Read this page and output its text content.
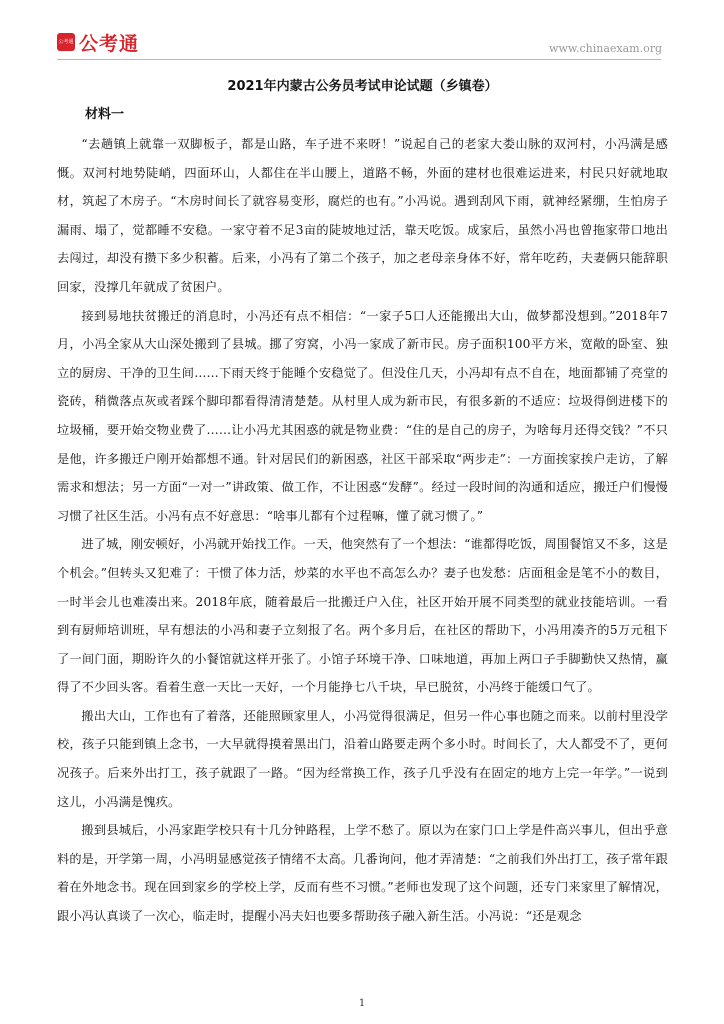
公考通 公考通	www.chinaexam.org
2021年内蒙古公务员考试申论试题（乡镇卷）
材料一

“去趟镇上就靠一双脚板子，都是山路，车子进不来呀！”说起自己的老家大娄山脉的双河村，小冯满是感慨。双河村地势陡峭，四面环山，人都住在半山腰上，道路不畅，外面的建材也很难运进来，村民只好就地取材，筑起了木房子。“木房时间长了就容易变形，腐烂的也有。”小冯说。遇到刮风下雨，就神经紧绷，生怕房子漏雨、塌了，觉都睡不安稳。一家守着不足3亩的陡坡地过活，靠天吃饭。成家后，虽然小冯也曾拖家带口地出去闯过，却没有攒下多少积蓄。后来，小冯有了第二个孩子，加之老母亲身体不好，常年吃药，夫妻俩只能辞职回家，没撑几年就成了贫困户。

接到易地扶贫搬迁的消息时，小冯还有点不相信：“一家子5口人还能搬出大山，做梦都没想到。”2018年7月，小冯全家从大山深处搬到了县城。挪了穷窝，小冯一家成了新市民。房子面积100平方米，宽敞的卧室、独立的厨房、干净的卫生间……下雨天终于能睡个安稳觉了。但没住几天，小冯却有点不自在，地面都铺了亮堂的瓷砖，稍微落点灰或者踩个脚印都看得清清楚楚。从村里人成为新市民，有很多新的不适应：垃圾得倒进楼下的垃圾桶，要开始交物业费了……让小冯尤其困惑的就是物业费：“住的是自己的房子，为啥每月还得交钱？”不只是他，许多搬迁户刚开始都想不通。针对居民们的新困惑，社区干部采取“两步走”：一方面挨家挨户走访，了解需求和想法；另一方面“一对一”讲政策、做工作，不让困惑“发酵”。经过一段时间的沟通和适应，搬迁户们慢慢习惯了社区生活。小冯有点不好意思：“啥事儿都有个过程嘛，懂了就习惯了。”

进了城，刚安顿好，小冯就开始找工作。一天，他突然有了一个想法：“谁都得吃饭，周围餐馆又不多，这是个机会。”但转头又犯难了：干惯了体力活，炒菜的水平也不高怎么办？妻子也发愁：店面租金是笔不小的数目，一时半会儿也难凑出来。2018年底，随着最后一批搬迁户入住，社区开始开展不同类型的就业技能培训。一看到有厨师培训班，早有想法的小冯和妻子立刻报了名。两个多月后，在社区的帮助下，小冯用凑齐的5万元租下了一间门面，期盼许久的小餐馆就这样开张了。小馆子环境干净、口味地道，再加上两口子手脚勤快又热情，赢得了不少回头客。看着生意一天比一天好，一个月能挣七八千块，早已脱贫，小冯终于能缓口气了。

搬出大山，工作也有了着落，还能照顾家里人，小冯觉得很满足，但另一件心事也随之而来。以前村里没学校，孩子只能到镇上念书，一大早就得摸着黑出门，沿着山路要走两个多小时。时间长了，大人都受不了，更何况孩子。后来外出打工，孩子就跟了一路。“因为经常换工作，孩子几乎没有在固定的地方上完一年学。”一说到这儿，小冯满是愧疚。

搬到县城后，小冯家距学校只有十几分钟路程，上学不愁了。原以为在家门口上学是件高兴事儿，但出乎意料的是，开学第一周，小冯明显感觉孩子情绪不太高。几番询问，他才弄清楚：“之前我们外出打工，孩子常年跟着在外地念书。现在回到家乡的学校上学，反而有些不习惯。”老师也发现了这个问题，还专门来家里了解情况，跟小冯认真谈了一次心，临走时，提醒小冯夫妇也要多帮助孩子融入新生活。小冯说：“还是观念

1
